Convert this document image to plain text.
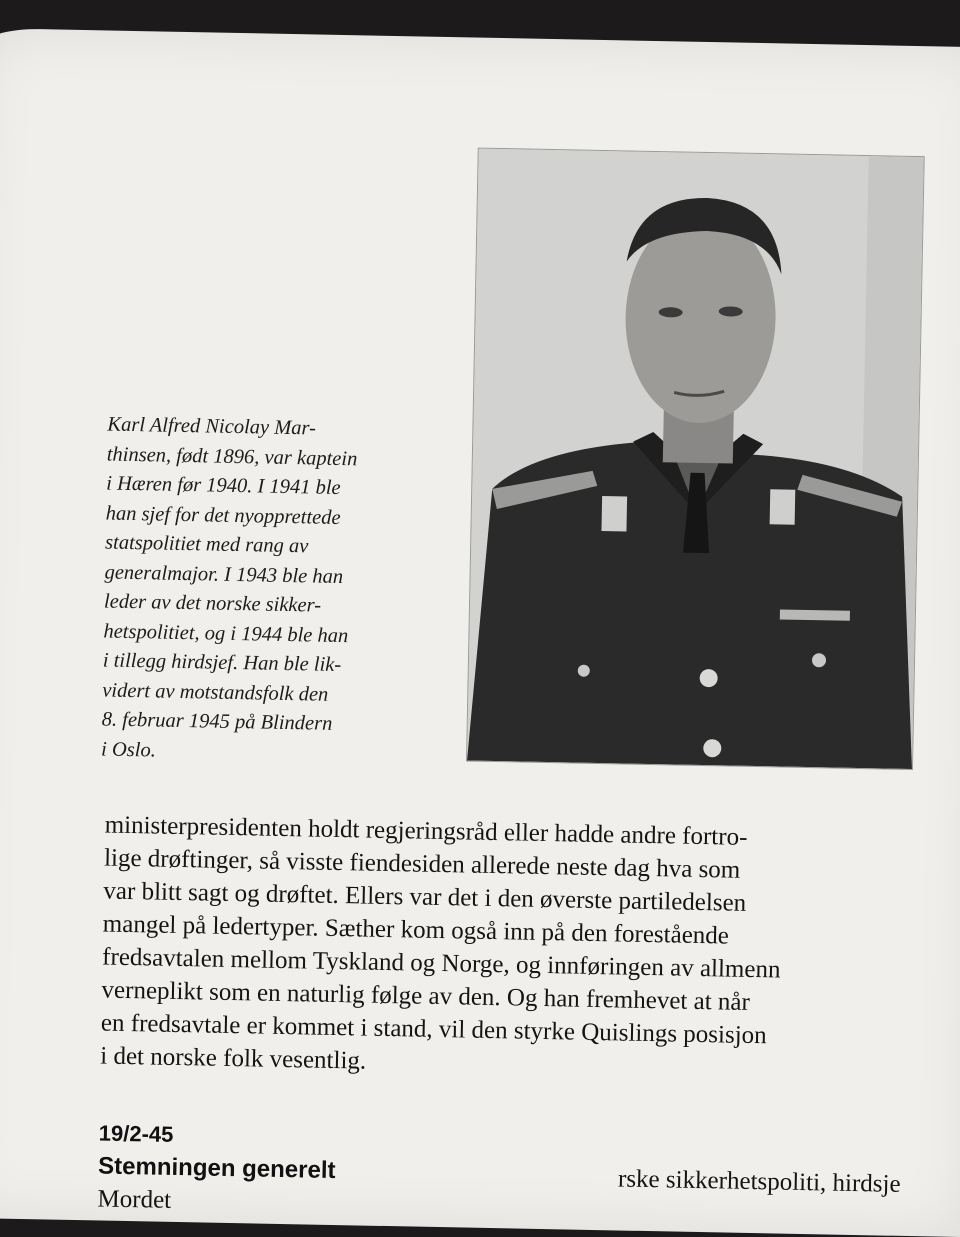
Karl Alfred Nicolay Mar-
thinsen, født 1896, var kaptein
i Hæren før 1940. I 1941 ble
han sjef for det nyopprettede
statspolitiet med rang av
generalmajor. I 1943 ble han
leder av det norske sikker-
hetspolitiet, og i 1944 ble han
i tillegg hirdsjef. Han ble lik-
vidert av motstandsfolk den
8. februar 1945 på Blindern
i Oslo.
ministerpresidenten holdt regjeringsråd eller hadde andre fortro-
lige drøftinger, så visste fiendesiden allerede neste dag hva som
var blitt sagt og drøftet. Ellers var det i den øverste partiledelsen
mangel på ledertyper. Sæther kom også inn på den forestående
fredsavtalen mellom Tyskland og Norge, og innføringen av allmenn
verneplikt som en naturlig følge av den. Og han fremhevet at når
en fredsavtale er kommet i stand, vil den styrke Quislings posisjon
i det norske folk vesentlig.
19/2-45
Stemningen generelt
Mordet
rske sikkerhetspoliti, hirdsje
